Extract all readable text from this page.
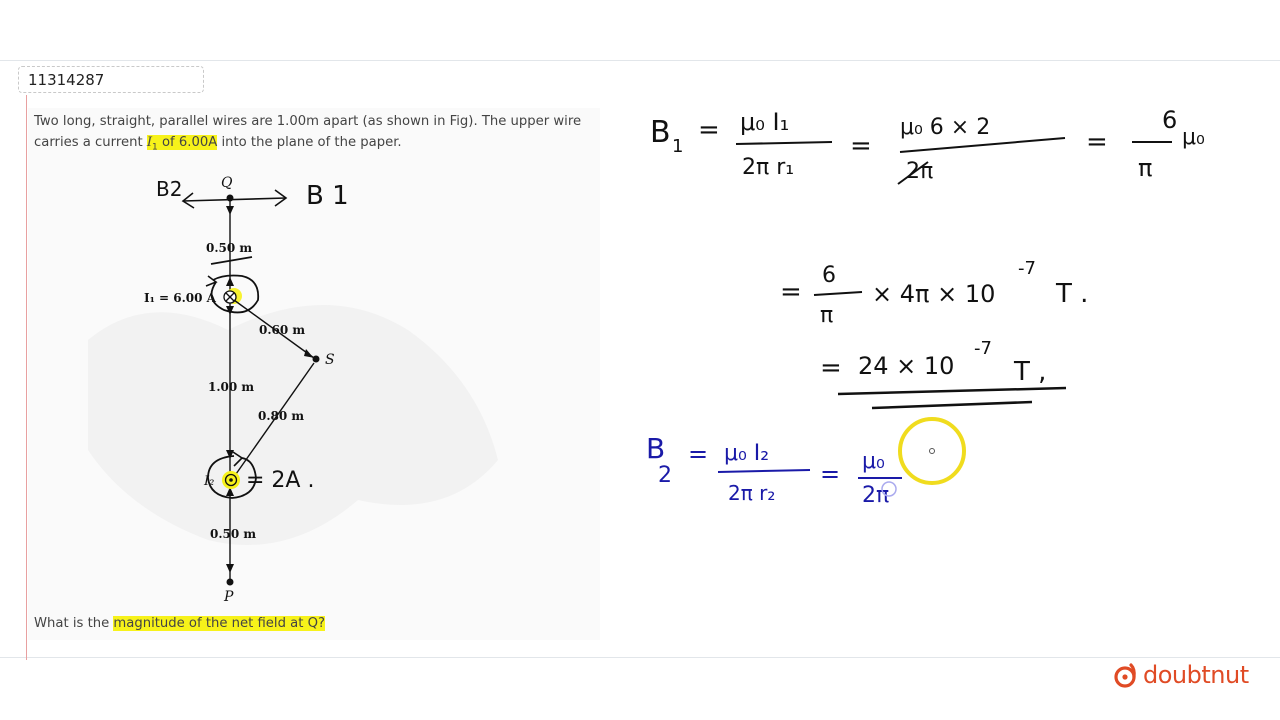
11314287
Two long, straight, parallel wires are 1.00m apart (as shown in Fig). The upper wire carries a current $I_1$ of 6.00A into the plane of the paper.
Q
B2	B 1
0.50 m
I₁ = 6.00 A
0.60 m
S
0.80 m
1.00 m
I₂ = 2A .
0.50 m
P
What is the magnitude of the net field at Q?
B 1
= μ₀ I₁
2π r₁
=
μ₀ 6 × 2
2π
=
6
π
μ₀
=
6
π
× 4π × 10
-7
T .
= 24 × 10
-7
T ,
B
2
= μ₀ I₂
2π r₂
= μ₀
2π
doubtnut
